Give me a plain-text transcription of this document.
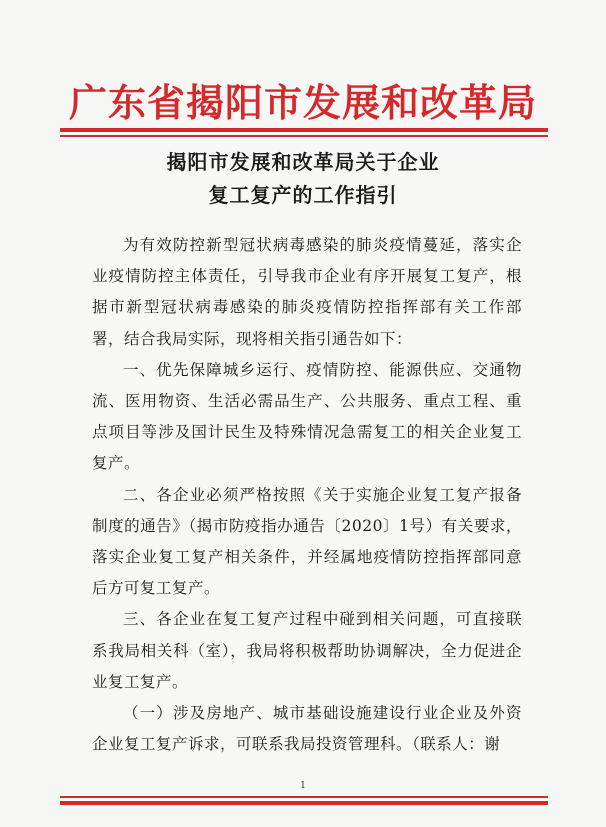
广东省揭阳市发展和改革局
揭阳市发展和改革局关于企业
复工复产的工作指引

为有效防控新型冠状病毒感染的肺炎疫情蔓延，落实企业疫情防控主体责任，引导我市企业有序开展复工复产，根据市新型冠状病毒感染的肺炎疫情防控指挥部有关工作部署，结合我局实际，现将相关指引通告如下：

一、优先保障城乡运行、疫情防控、能源供应、交通物流、医用物资、生活必需品生产、公共服务、重点工程、重点项目等涉及国计民生及特殊情况急需复工的相关企业复工复产。

二、各企业必须严格按照《关于实施企业复工复产报备制度的通告》（揭市防疫指办通告〔2020〕1号）有关要求，落实企业复工复产相关条件，并经属地疫情防控指挥部同意后方可复工复产。

三、各企业在复工复产过程中碰到相关问题，可直接联系我局相关科（室），我局将积极帮助协调解决，全力促进企业复工复产。

（一）涉及房地产、城市基础设施建设行业企业及外资企业复工复产诉求，可联系我局投资管理科。（联系人：谢

1
